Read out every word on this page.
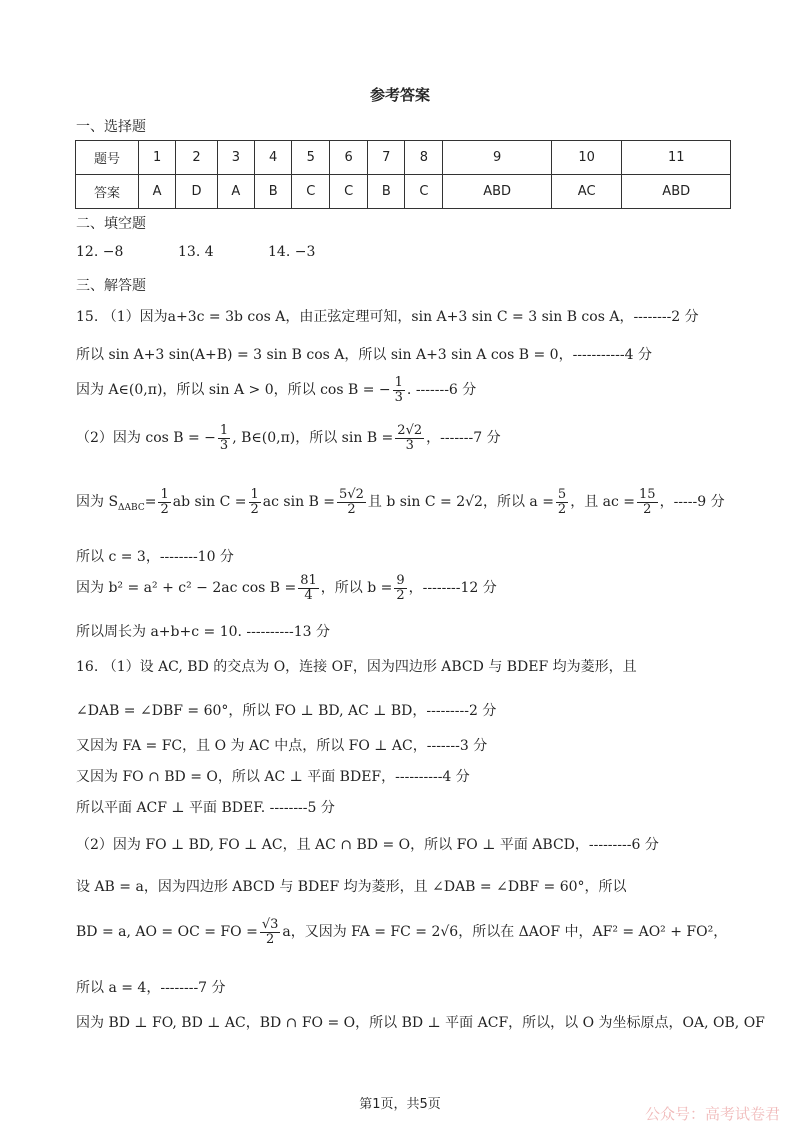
参考答案
一、选择题
题号	1	2	3	4	5	6	7	8	9	10	11
答案	A	D	A	B	C	C	B	C	ABD	AC	ABD
二、填空题
12. −8	13. 4	14. −3
三、解答题
15. （1）因为a+3c = 3b cos A，由正弦定理可知，sin A+3 sin C = 3 sin B cos A，--------2 分
所以 sin A+3 sin(A+B) = 3 sin B cos A，所以 sin A+3 sin A cos B = 0，-----------4 分
因为 A∈(0,π)，所以 sin A > 0，所以 cos B = − $\frac{1}{3}$ . -------6 分
（2）因为 cos B = − $\frac{1}{3}$ , B∈(0,π)，所以 $\sin B = \frac{2√2}{3}$ ，-------7 分
因为 $S_{\Delta ABC}= \frac{1}{2}$ ab $\sin C = \frac{1}{2}$ ac $\sin B = \frac{5√2}{2}$ 且 b sin C = 2√2，所以 $a = \frac{5}{2}$ ，且 ac = $\frac{15}{2}$ ，-----9 分
所以 c = 3，--------10 分
因为 b² = a² + c² − 2ac $\cos B = \frac{81}{4}$ ，所以 $b = \frac{9}{2}$ ，--------12 分
所以周长为 a+b+c = 10. ----------13 分
16. （1）设 AC, BD 的交点为 O，连接 OF，因为四边形 ABCD 与 BDEF 均为菱形，且
∠DAB = ∠DBF = 60°，所以 FO ⊥ BD, AC ⊥ BD，---------2 分
又因为 FA = FC，且 O 为 AC 中点，所以 FO ⊥ AC，-------3 分
又因为 FO ∩ BD = O，所以 AC ⊥ 平面 BDEF，----------4 分
所以平面 ACF ⊥ 平面 BDEF. --------5 分
（2）因为 FO ⊥ BD, FO ⊥ AC，且 AC ∩ BD = O，所以 FO ⊥ 平面 ABCD，---------6 分
设 AB = a，因为四边形 ABCD 与 BDEF 均为菱形，且 ∠DAB = ∠DBF = 60°，所以
BD = a, AO = OC = FO = $\frac{√3}{2}$ a，又因为 FA = FC = 2√6，所以在 ΔAOF 中，AF² = AO² + FO²，
所以 a = 4，--------7 分
因为 BD ⊥ FO, BD ⊥ AC，BD ∩ FO = O，所以 BD ⊥ 平面 ACF，所以，以 O 为坐标原点，OA, OB, OF
第1页，共5页
公众号：高考试卷君
